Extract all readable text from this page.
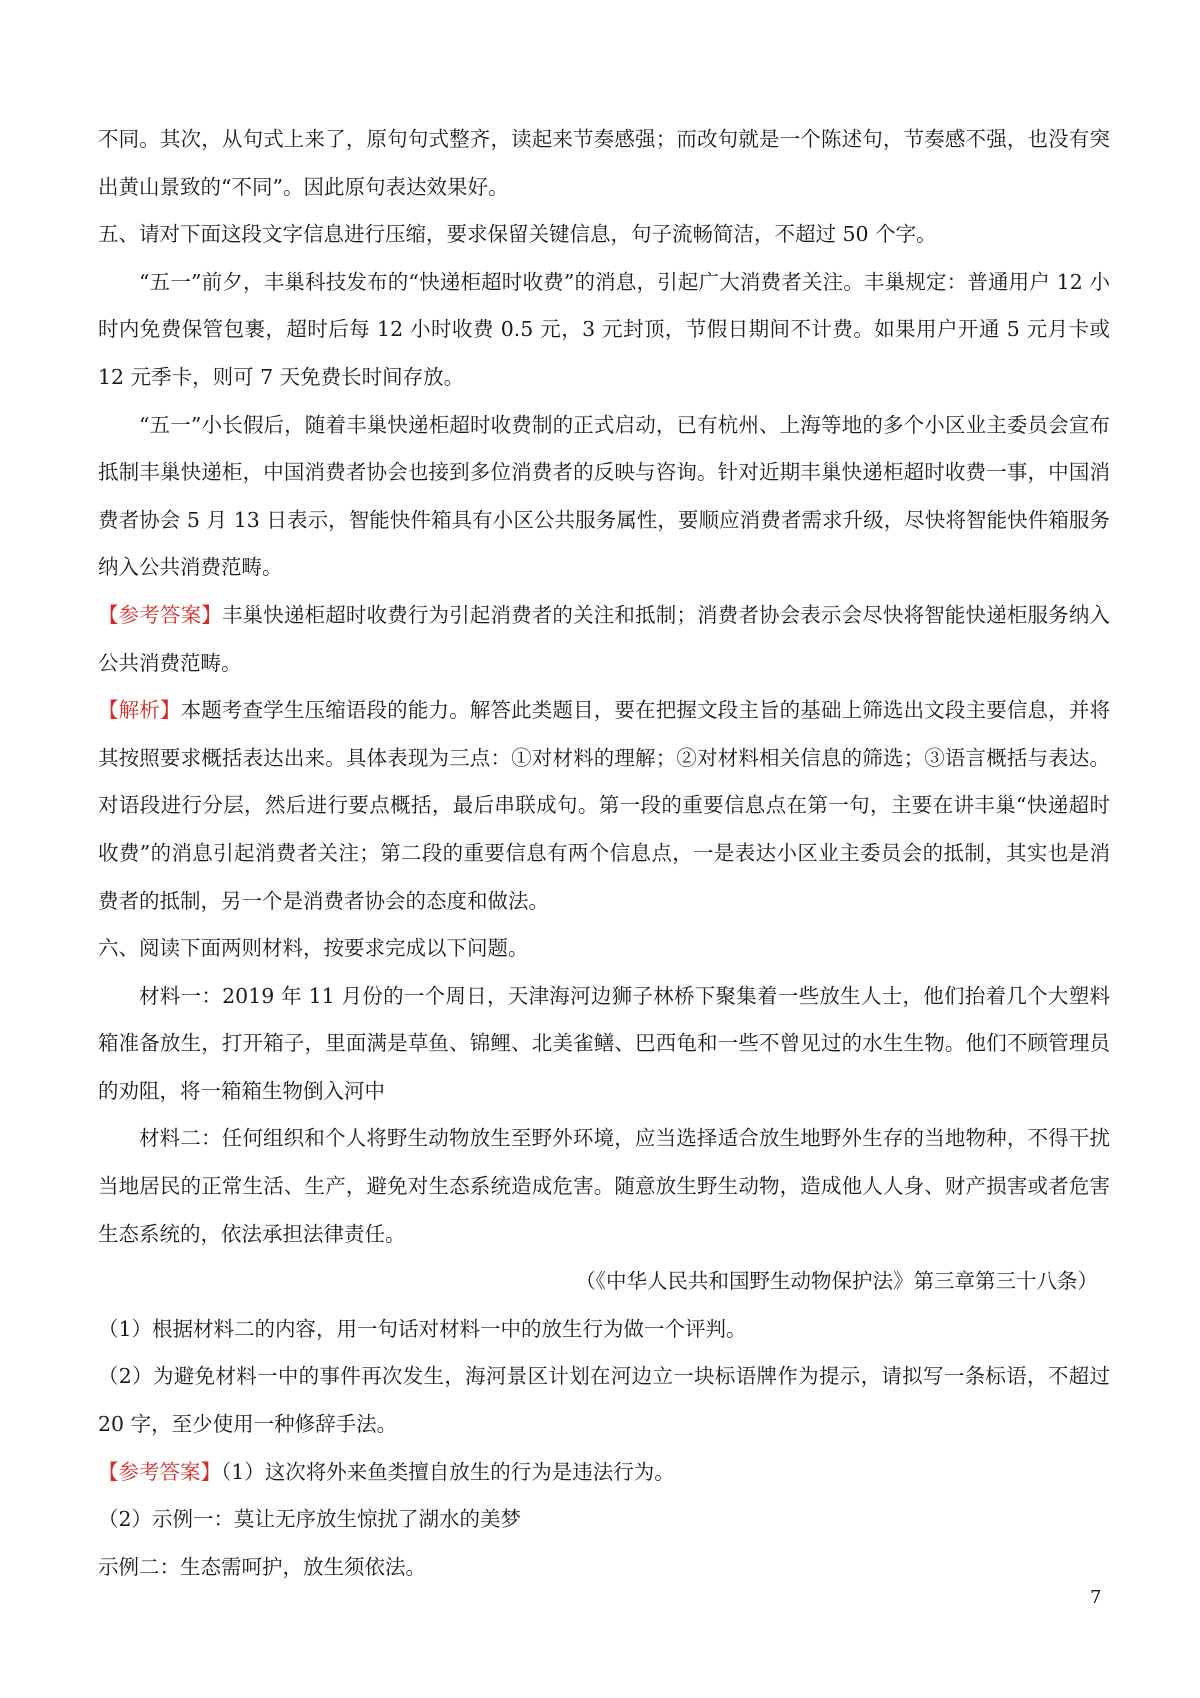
不同。其次，从句式上来了，原句句式整齐，读起来节奏感强；而改句就是一个陈述句，节奏感不强，也没有突出黄山景致的“不同”。因此原句表达效果好。

五、请对下面这段文字信息进行压缩，要求保留关键信息，句子流畅简洁，不超过 50 个字。

“五一”前夕，丰巢科技发布的“快递柜超时收费”的消息，引起广大消费者关注。丰巢规定：普通用户 12 小时内免费保管包裹，超时后每 12 小时收费 0.5 元，3 元封顶，节假日期间不计费。如果用户开通 5 元月卡或 12 元季卡，则可 7 天免费长时间存放。

“五一”小长假后，随着丰巢快递柜超时收费制的正式启动，已有杭州、上海等地的多个小区业主委员会宣布抵制丰巢快递柜，中国消费者协会也接到多位消费者的反映与咨询。针对近期丰巢快递柜超时收费一事，中国消费者协会 5 月 13 日表示，智能快件箱具有小区公共服务属性，要顺应消费者需求升级，尽快将智能快件箱服务纳入公共消费范畴。

【参考答案】丰巢快递柜超时收费行为引起消费者的关注和抵制；消费者协会表示会尽快将智能快递柜服务纳入公共消费范畴。

【解析】本题考查学生压缩语段的能力。解答此类题目，要在把握文段主旨的基础上筛选出文段主要信息，并将其按照要求概括表达出来。具体表现为三点：①对材料的理解；②对材料相关信息的筛选；③语言概括与表达。对语段进行分层，然后进行要点概括，最后串联成句。第一段的重要信息点在第一句，主要在讲丰巢“快递超时收费”的消息引起消费者关注；第二段的重要信息有两个信息点，一是表达小区业主委员会的抵制，其实也是消费者的抵制，另一个是消费者协会的态度和做法。

六、阅读下面两则材料，按要求完成以下问题。

材料一：2019 年 11 月份的一个周日，天津海河边狮子林桥下聚集着一些放生人士，他们抬着几个大塑料箱准备放生，打开箱子，里面满是草鱼、锦鲤、北美雀鳝、巴西龟和一些不曾见过的水生生物。他们不顾管理员的劝阻，将一箱箱生物倒入河中

材料二：任何组织和个人将野生动物放生至野外环境，应当选择适合放生地野外生存的当地物种，不得干扰当地居民的正常生活、生产，避免对生态系统造成危害。随意放生野生动物，造成他人人身、财产损害或者危害生态系统的，依法承担法律责任。

（《中华人民共和国野生动物保护法》第三章第三十八条）

（1）根据材料二的内容，用一句话对材料一中的放生行为做一个评判。

（2）为避免材料一中的事件再次发生，海河景区计划在河边立一块标语牌作为提示，请拟写一条标语，不超过 20 字，至少使用一种修辞手法。

【参考答案】（1）这次将外来鱼类擅自放生的行为是违法行为。

（2）示例一：莫让无序放生惊扰了湖水的美梦

示例二：生态需呵护，放生须依法。

7
